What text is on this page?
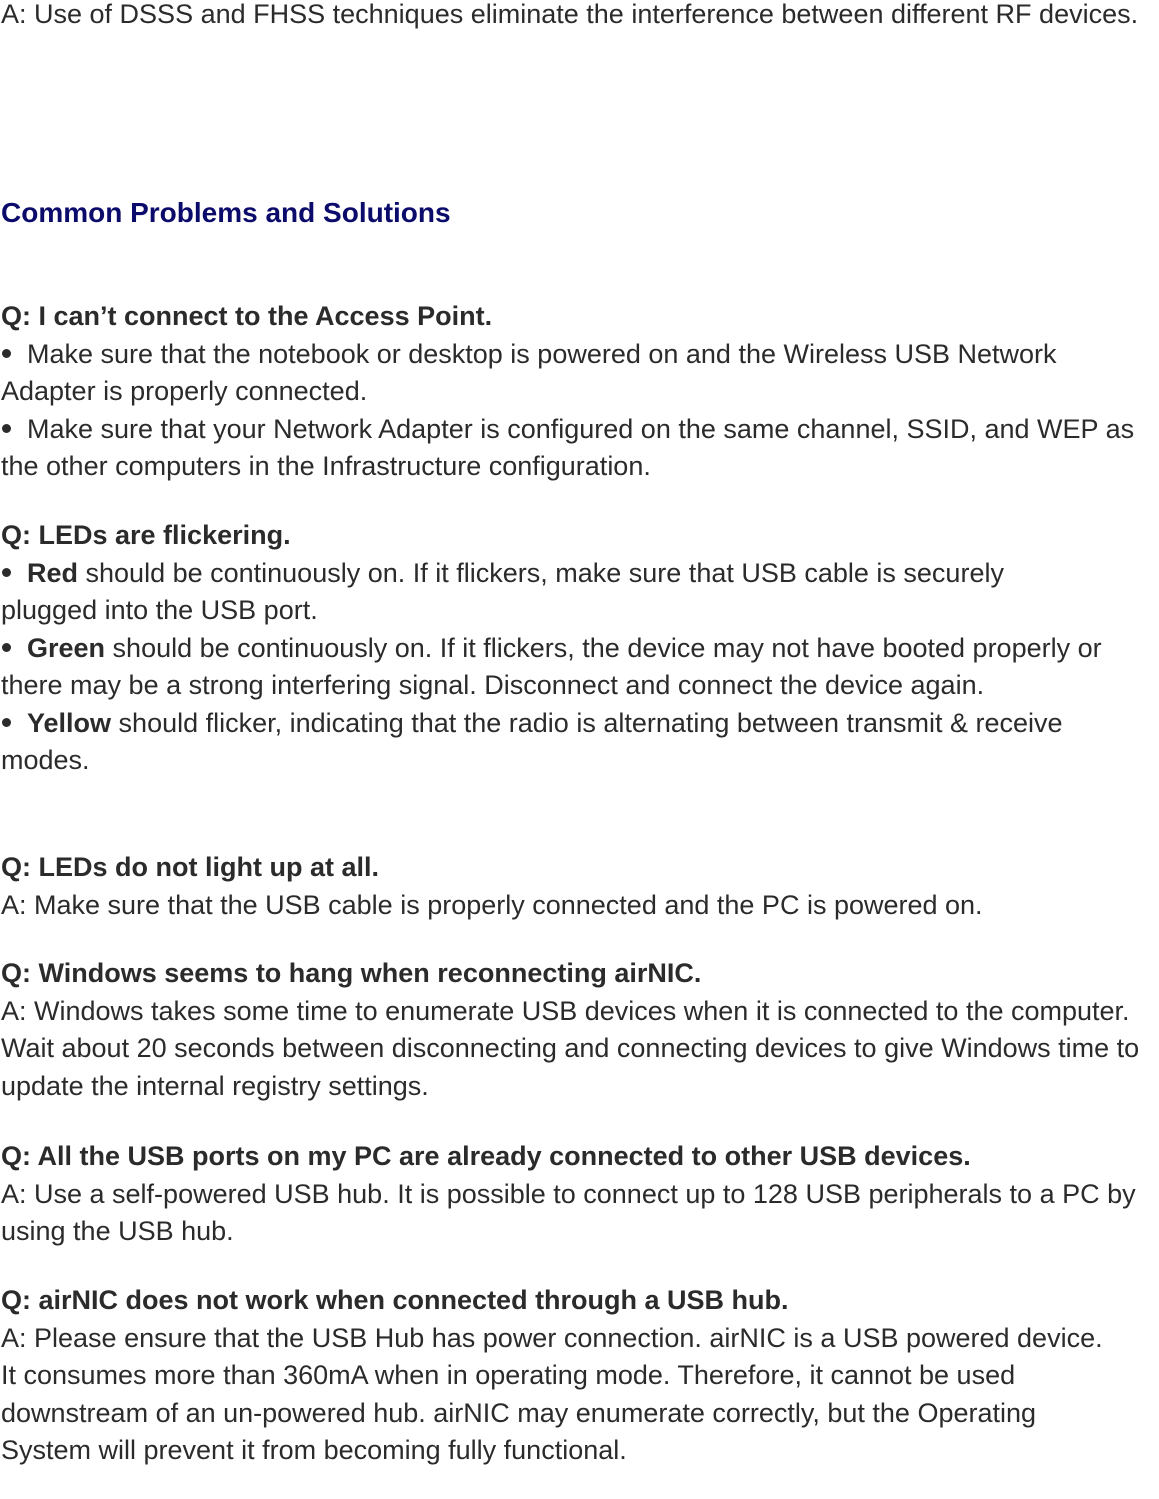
A: Use of DSSS and FHSS techniques eliminate the interference between different RF devices.

Common Problems and Solutions

Q: I can’t connect to the Access Point.

Make sure that the notebook or desktop is powered on and the Wireless USB Network Adapter is properly connected.

Make sure that your Network Adapter is configured on the same channel, SSID, and WEP as the other computers in the Infrastructure configuration.

Q: LEDs are flickering.

Red should be continuously on. If it flickers, make sure that USB cable is securely plugged into the USB port.

Green should be continuously on. If it flickers, the device may not have booted properly or there may be a strong interfering signal. Disconnect and connect the device again.

Yellow should flicker, indicating that the radio is alternating between transmit & receive modes.

Q: LEDs do not light up at all.

A: Make sure that the USB cable is properly connected and the PC is powered on.

Q: Windows seems to hang when reconnecting airNIC.

A: Windows takes some time to enumerate USB devices when it is connected to the computer. Wait about 20 seconds between disconnecting and connecting devices to give Windows time to update the internal registry settings.

Q: All the USB ports on my PC are already connected to other USB devices.

A: Use a self-powered USB hub. It is possible to connect up to 128 USB peripherals to a PC by using the USB hub.

Q: airNIC does not work when connected through a USB hub.

A: Please ensure that the USB Hub has power connection. airNIC is a USB powered device. It consumes more than 360mA when in operating mode. Therefore, it cannot be used downstream of an un-powered hub. airNIC may enumerate correctly, but the Operating System will prevent it from becoming fully functional.
